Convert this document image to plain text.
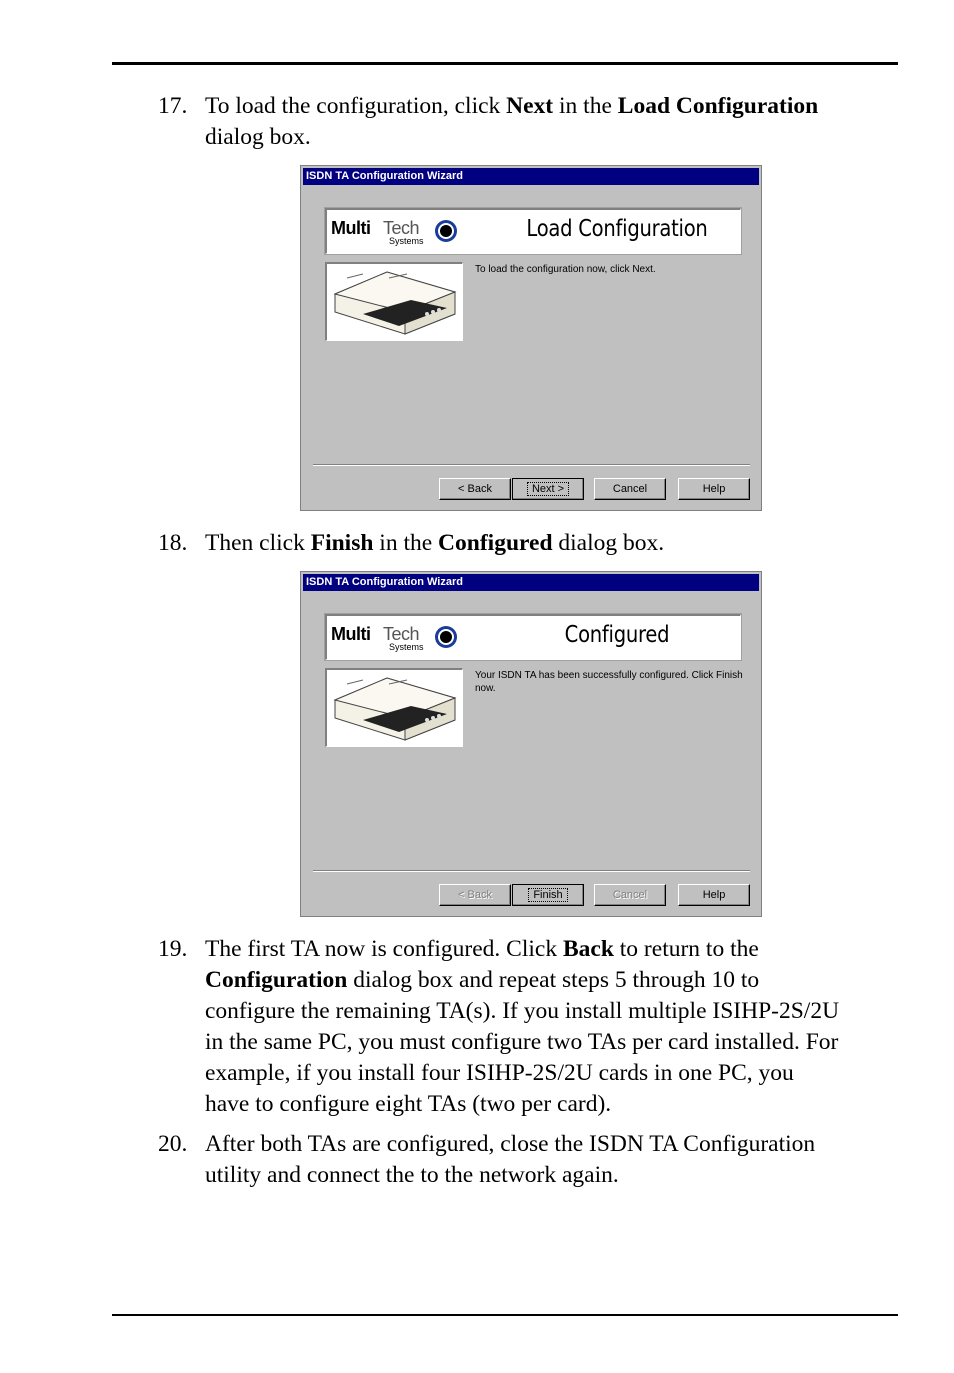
17. To load the configuration, click Next in the Load Configuration
dialog box.
ISDN TA Configuration Wizard
Multi Tech
Systems	Load Configuration
To load the configuration now, click Next.
< Back	Next >	Cancel	Help
18. Then click Finish in the Configured dialog box.
ISDN TA Configuration Wizard
Multi Tech
Systems	Configured
Your ISDN TA has been successfully configured. Click Finish now.
< Back	Finish	Cancel	Help
19. The first TA now is configured. Click Back to return to the
Configuration dialog box and repeat steps 5 through 10 to
configure the remaining TA(s). If you install multiple ISIHP-2S/2U
in the same PC, you must configure two TAs per card installed. For
example, if you install four ISIHP-2S/2U cards in one PC, you
have to configure eight TAs (two per card).
20. After both TAs are configured, close the ISDN TA Configuration
utility and connect the to the network again.
